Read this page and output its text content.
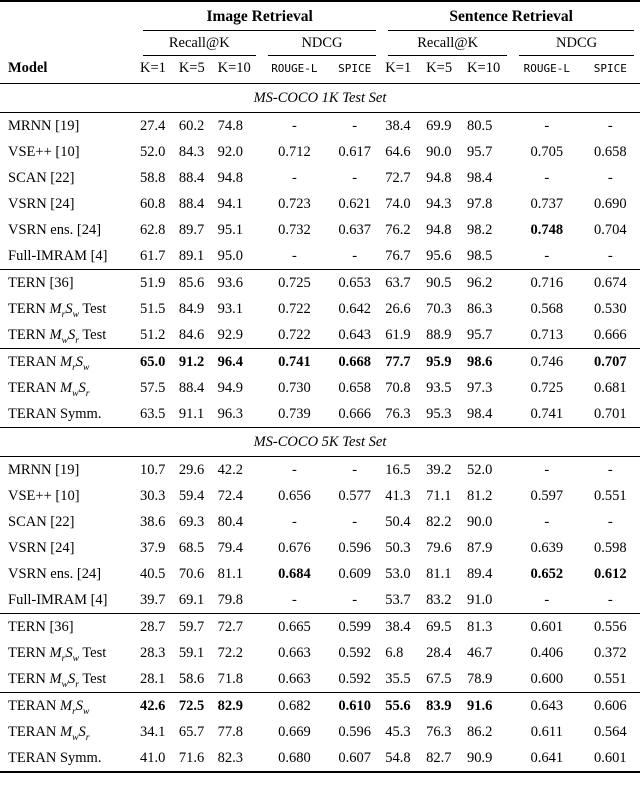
	Image Retrieval					Sentence Retrieval				

	Recall@K			NDCG		Recall@K			NDCG	

Model	K=1	K=5	K=10	ROUGE-L	SPICE	K=1	K=5	K=10	ROUGE-L	SPICE
MS-COCO 1K Test Set										
MRNN [19]	27.4	60.2	74.8	-	-	38.4	69.9	80.5	-	-
VSE++ [10]	52.0	84.3	92.0	0.712	0.617	64.6	90.0	95.7	0.705	0.658
SCAN [22]	58.8	88.4	94.8	-	-	72.7	94.8	98.4	-	-
VSRN [24]	60.8	88.4	94.1	0.723	0.621	74.0	94.3	97.8	0.737	0.690
VSRN ens. [24]	62.8	89.7	95.1	0.732	0.637	76.2	94.8	98.2	0.748	0.704
Full-IMRAM [4]	61.7	89.1	95.0	-	-	76.7	95.6	98.5	-	-
TERN [36]	51.9	85.6	93.6	0.725	0.653	63.7	90.5	96.2	0.716	0.674
TERN $M_rS_w$ Test	51.5	84.9	93.1	0.722	0.642	26.6	70.3	86.3	0.568	0.530
TERN $M_wS_r$ Test	51.2	84.6	92.9	0.722	0.643	61.9	88.9	95.7	0.713	0.666
TERAN $M_rS_w$	65.0	91.2	96.4	0.741	0.668	77.7	95.9	98.6	0.746	0.707
TERAN $M_wS_r$	57.5	88.4	94.9	0.730	0.658	70.8	93.5	97.3	0.725	0.681
TERAN Symm.	63.5	91.1	96.3	0.739	0.666	76.3	95.3	98.4	0.741	0.701
MS-COCO 5K Test Set										
MRNN [19]	10.7	29.6	42.2	-	-	16.5	39.2	52.0	-	-
VSE++ [10]	30.3	59.4	72.4	0.656	0.577	41.3	71.1	81.2	0.597	0.551
SCAN [22]	38.6	69.3	80.4	-	-	50.4	82.2	90.0	-	-
VSRN [24]	37.9	68.5	79.4	0.676	0.596	50.3	79.6	87.9	0.639	0.598
VSRN ens. [24]	40.5	70.6	81.1	0.684	0.609	53.0	81.1	89.4	0.652	0.612
Full-IMRAM [4]	39.7	69.1	79.8	-	-	53.7	83.2	91.0	-	-
TERN [36]	28.7	59.7	72.7	0.665	0.599	38.4	69.5	81.3	0.601	0.556
TERN $M_rS_w$ Test	28.3	59.1	72.2	0.663	0.592	6.8	28.4	46.7	0.406	0.372
TERN $M_wS_r$ Test	28.1	58.6	71.8	0.663	0.592	35.5	67.5	78.9	0.600	0.551
TERAN $M_rS_w$	42.6	72.5	82.9	0.682	0.610	55.6	83.9	91.6	0.643	0.606
TERAN $M_wS_r$	34.1	65.7	77.8	0.669	0.596	45.3	76.3	86.2	0.611	0.564
TERAN Symm.	41.0	71.6	82.3	0.680	0.607	54.8	82.7	90.9	0.641	0.601
